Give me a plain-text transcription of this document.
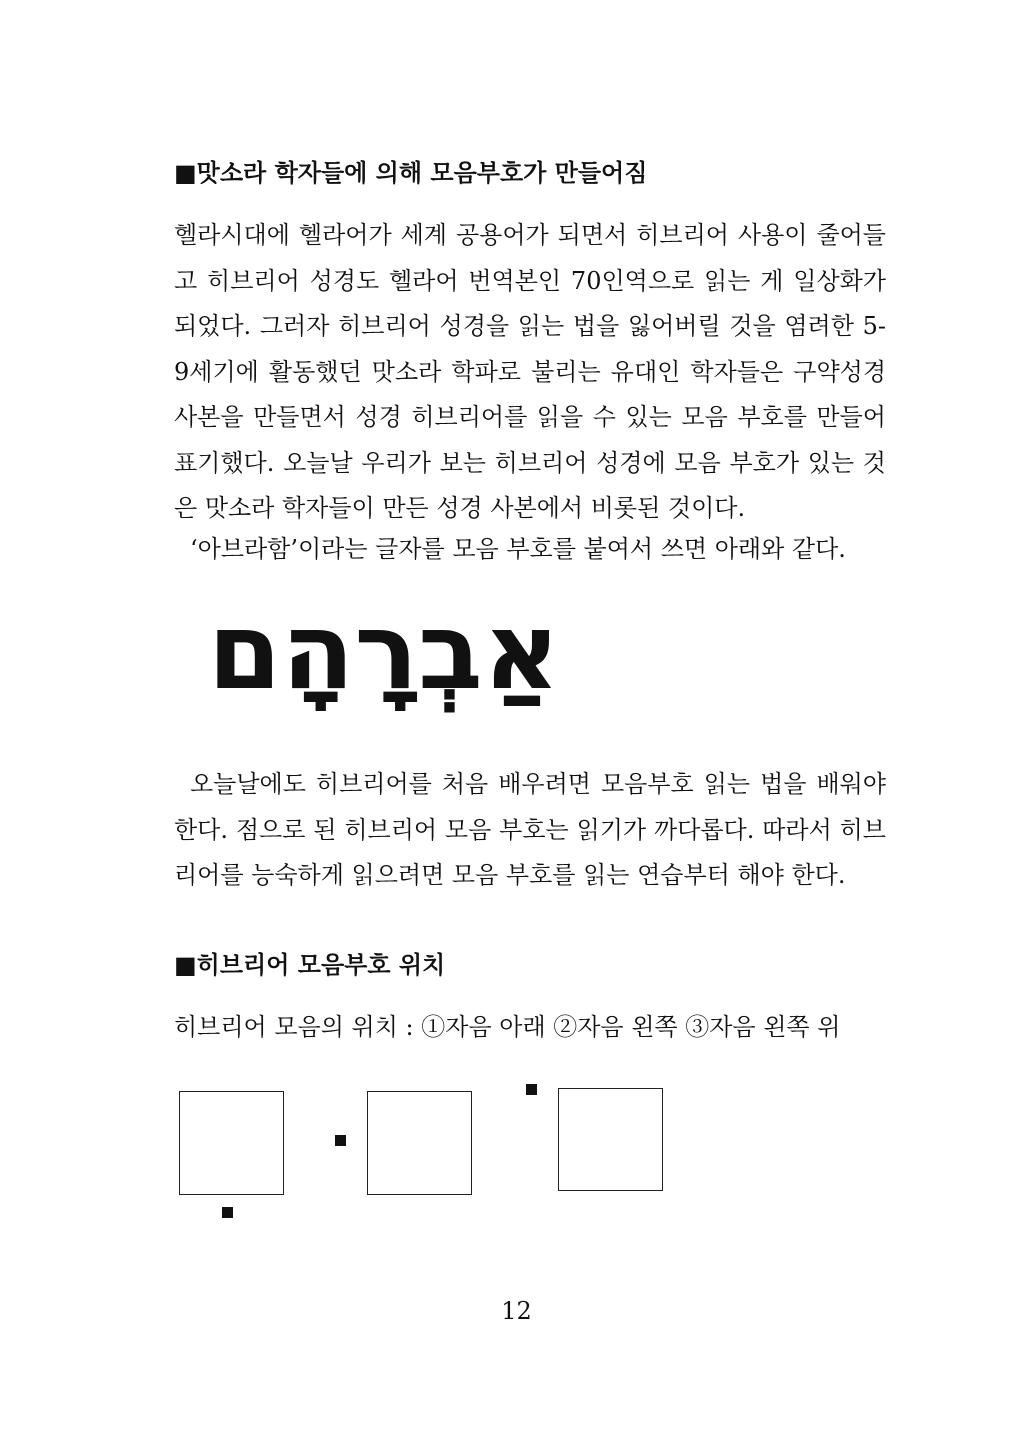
■맛소라 학자들에 의해 모음부호가 만들어짐

헬라시대에 헬라어가 세계 공용어가 되면서 히브리어 사용이 줄어들고 히브리어 성경도 헬라어 번역본인 70인역으로 읽는 게 일상화가 되었다. 그러자 히브리어 성경을 읽는 법을 잃어버릴 것을 염려한 5-9세기에 활동했던 맛소라 학파로 불리는 유대인 학자들은 구약성경 사본을 만들면서 성경 히브리어를 읽을 수 있는 모음 부호를 만들어 표기했다. 오늘날 우리가 보는 히브리어 성경에 모음 부호가 있는 것은 맛소라 학자들이 만든 성경 사본에서 비롯된 것이다.

‘아브라함’이라는 글자를 모음 부호를 붙여서 쓰면 아래와 같다.
אַבְרָהָם

오늘날에도 히브리어를 처음 배우려면 모음부호 읽는 법을 배워야 한다. 점으로 된 히브리어 모음 부호는 읽기가 까다롭다. 따라서 히브리어를 능숙하게 읽으려면 모음 부호를 읽는 연습부터 해야 한다.

■히브리어 모음부호 위치
히브리어 모음의 위치 : ①자음 아래 ②자음 왼쪽 ③자음 왼쪽 위
12
